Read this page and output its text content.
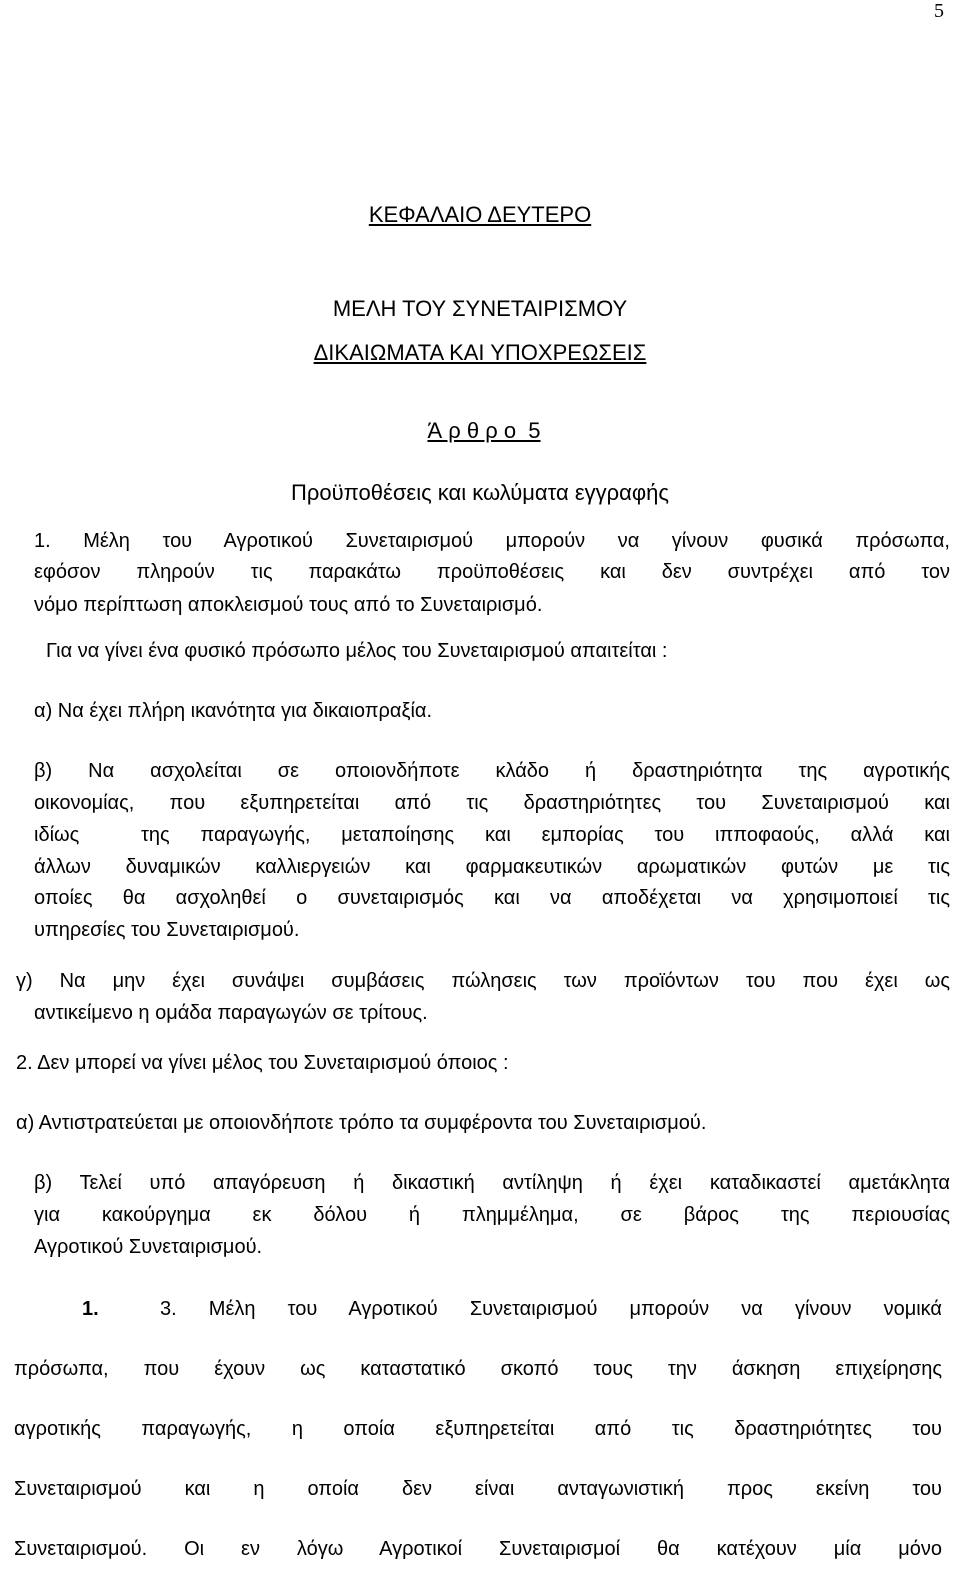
5
ΚΕΦΑΛΑΙΟ ΔΕΥΤΕΡΟ
ΜΕΛΗ ΤΟΥ ΣΥΝΕΤΑΙΡΙΣΜΟΥ
ΔΙΚΑΙΩΜΑΤΑ ΚΑΙ ΥΠΟΧΡΕΩΣΕΙΣ
Ά ρ θ ρ ο  5
Προϋποθέσεις και κωλύματα εγγραφής
1. Μέλη του Αγροτικού Συνεταιρισμού μπορούν να γίνουν φυσικά πρόσωπα,
εφόσον πληρούν τις παρακάτω προϋποθέσεις και δεν συντρέχει από τον
νόμο περίπτωση αποκλεισμού τους από το Συνεταιρισμό.
Για να γίνει ένα φυσικό πρόσωπο μέλος του Συνεταιρισμού απαιτείται :
α) Να έχει πλήρη ικανότητα για δικαιοπραξία.
β) Να ασχολείται σε οποιονδήποτε κλάδο ή δραστηριότητα της αγροτικής
οικονομίας, που εξυπηρετείται από τις δραστηριότητες του Συνεταιρισμού και
ιδίως  της παραγωγής, μεταποίησης και εμπορίας του ιπποφαούς, αλλά και
άλλων δυναμικών καλλιεργειών και φαρμακευτικών αρωματικών φυτών με τις
οποίες θα ασχοληθεί ο συνεταιρισμός και να αποδέχεται να χρησιμοποιεί τις
υπηρεσίες του Συνεταιρισμού.
γ) Να μην έχει συνάψει συμβάσεις πώλησεις των προϊόντων του που έχει ως
αντικείμενο η ομάδα παραγωγών σε τρίτους.
2. Δεν μπορεί να γίνει μέλος του Συνεταιρισμού όποιος :
α) Αντιστρατεύεται με οποιονδήποτε τρόπο τα συμφέροντα του Συνεταιρισμού.
β) Τελεί υπό απαγόρευση ή δικαστική αντίληψη ή έχει καταδικαστεί αμετάκλητα
για κακούργημα εκ δόλου ή πλημμέλημα, σε βάρος της περιουσίας
Αγροτικού Συνεταιρισμού.
1.	3. Μέλη του Αγροτικού Συνεταιρισμού μπορούν να γίνουν νομικά
πρόσωπα, που έχουν ως καταστατικό σκοπό τους την άσκηση επιχείρησης
αγροτικής παραγωγής, η οποία εξυπηρετείται από τις δραστηριότητες του
Συνεταιρισμού και η οποία δεν είναι ανταγωνιστική προς εκείνη του
Συνεταιρισμού. Οι εν λόγω Αγροτικοί Συνεταιρισμοί θα κατέχουν μία μόνο
